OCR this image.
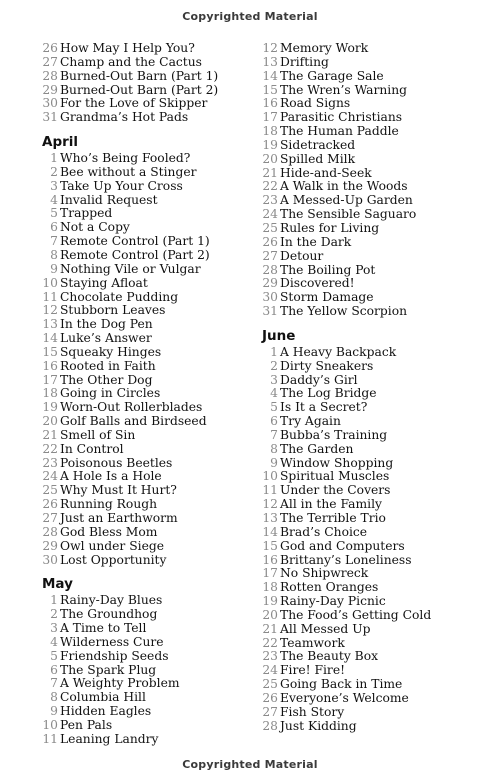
Copyrighted Material
26 How May I Help You?
27 Champ and the Cactus
28 Burned-Out Barn (Part 1)
29 Burned-Out Barn (Part 2)
30 For the Love of Skipper
31 Grandma’s Hot Pads
April
1 Who’s Being Fooled?
2 Bee without a Stinger
3 Take Up Your Cross
4 Invalid Request
5 Trapped
6 Not a Copy
7 Remote Control (Part 1)
8 Remote Control (Part 2)
9 Nothing Vile or Vulgar
10 Staying Afloat
11 Chocolate Pudding
12 Stubborn Leaves
13 In the Dog Pen
14 Luke’s Answer
15 Squeaky Hinges
16 Rooted in Faith
17 The Other Dog
18 Going in Circles
19 Worn-Out Rollerblades
20 Golf Balls and Birdseed
21 Smell of Sin
22 In Control
23 Poisonous Beetles
24 A Hole Is a Hole
25 Why Must It Hurt?
26 Running Rough
27 Just an Earthworm
28 God Bless Mom
29 Owl under Siege
30 Lost Opportunity
May
1 Rainy-Day Blues
2 The Groundhog
3 A Time to Tell
4 Wilderness Cure
5 Friendship Seeds
6 The Spark Plug
7 A Weighty Problem
8 Columbia Hill
9 Hidden Eagles
10 Pen Pals
11 Leaning Landry
12 Memory Work
13 Drifting
14 The Garage Sale
15 The Wren’s Warning
16 Road Signs
17 Parasitic Christians
18 The Human Paddle
19 Sidetracked
20 Spilled Milk
21 Hide-and-Seek
22 A Walk in the Woods
23 A Messed-Up Garden
24 The Sensible Saguaro
25 Rules for Living
26 In the Dark
27 Detour
28 The Boiling Pot
29 Discovered!
30 Storm Damage
31 The Yellow Scorpion
June
1 A Heavy Backpack
2 Dirty Sneakers
3 Daddy’s Girl
4 The Log Bridge
5 Is It a Secret?
6 Try Again
7 Bubba’s Training
8 The Garden
9 Window Shopping
10 Spiritual Muscles
11 Under the Covers
12 All in the Family
13 The Terrible Trio
14 Brad’s Choice
15 God and Computers
16 Brittany’s Loneliness
17 No Shipwreck
18 Rotten Oranges
19 Rainy-Day Picnic
20 The Food’s Getting Cold
21 All Messed Up
22 Teamwork
23 The Beauty Box
24 Fire! Fire!
25 Going Back in Time
26 Everyone’s Welcome
27 Fish Story
28 Just Kidding
Copyrighted Material
